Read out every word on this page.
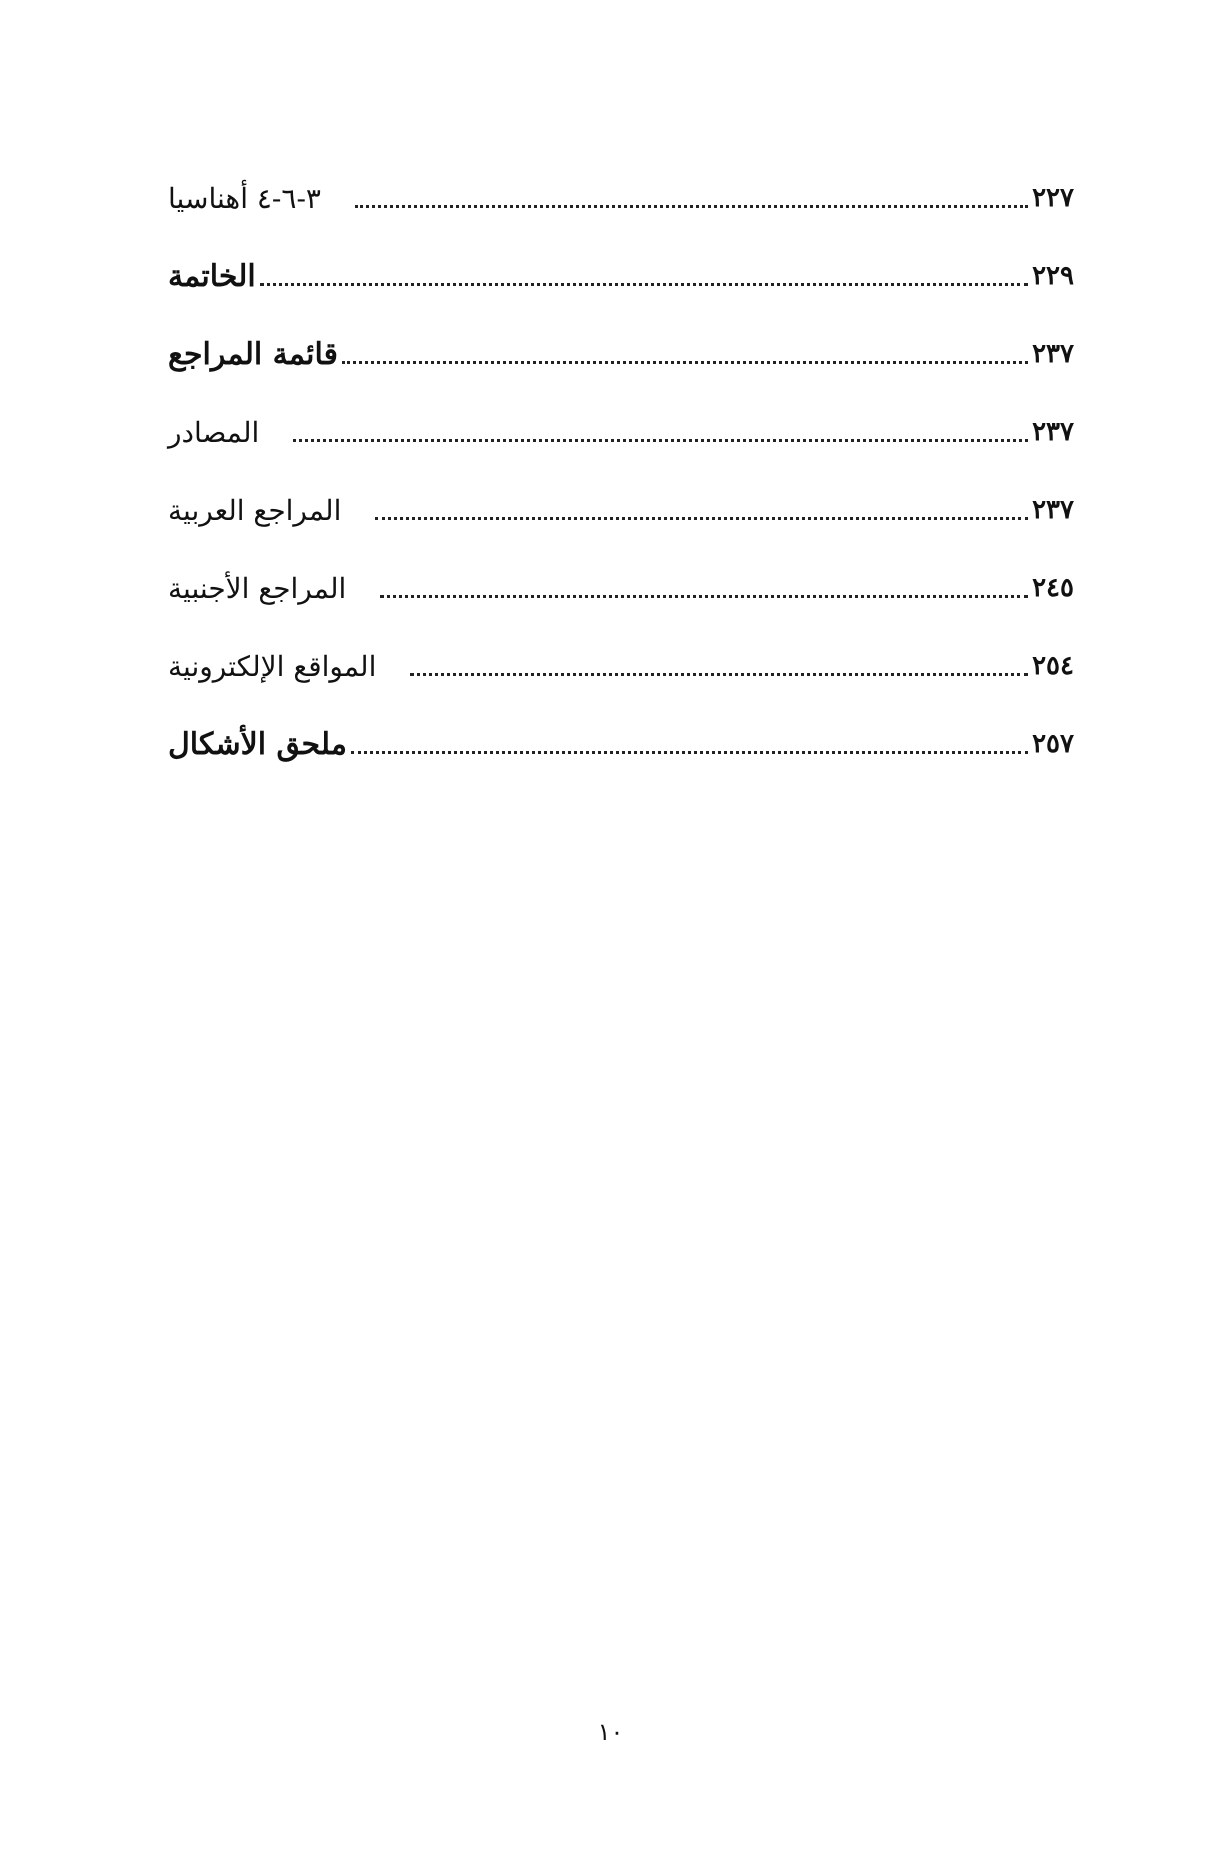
٣-٦-٤ أهناسيا	٢٢٧
الخاتمة	٢٢٩
قائمة المراجع	٢٣٧
المصادر	٢٣٧
المراجع العربية	٢٣٧
المراجع الأجنبية	٢٤٥
المواقع الإلكترونية	٢٥٤
ملحق الأشكال	٢٥٧
١٠
